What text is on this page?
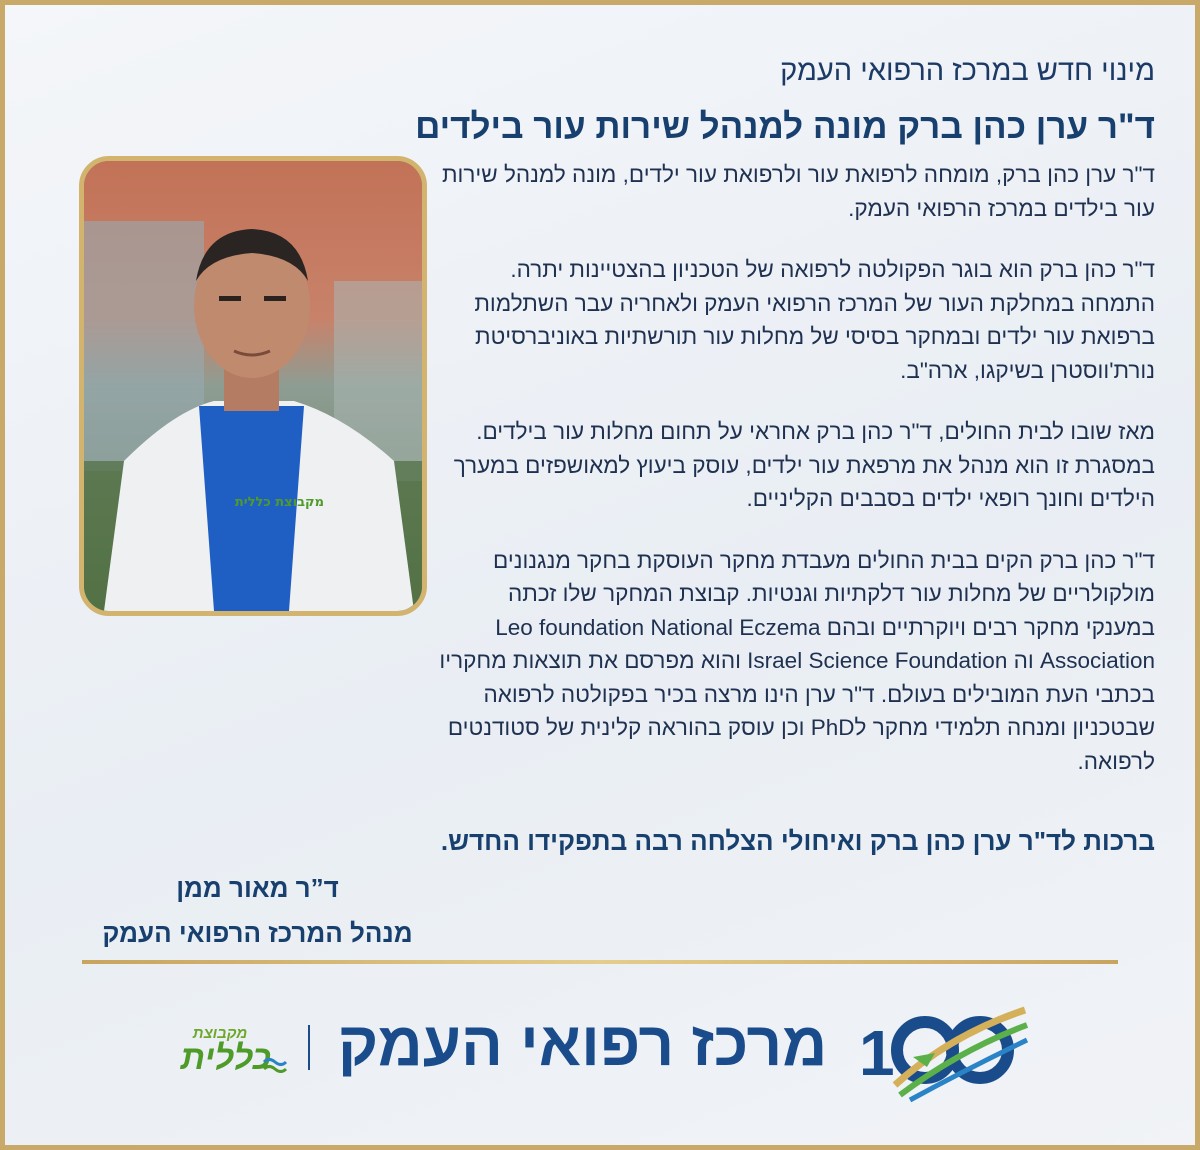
מינוי חדש במרכז הרפואי העמק
ד"ר ערן כהן ברק מונה למנהל שירות עור בילדים
מקבוצת כללית

ד"ר ערן כהן ברק, מומחה לרפואת עור ולרפואת עור ילדים, מונה למנהל שירות עור בילדים במרכז הרפואי העמק.

ד"ר כהן ברק הוא בוגר הפקולטה לרפואה של הטכניון בהצטיינות יתרה. התמחה במחלקת העור של המרכז הרפואי העמק ולאחריה עבר השתלמות ברפואת עור ילדים ובמחקר בסיסי של מחלות עור תורשתיות באוניברסיטת נורת'ווסטרן בשיקגו, ארה"ב.

מאז שובו לבית החולים, ד"ר כהן ברק אחראי על תחום מחלות עור בילדים. במסגרת זו הוא מנהל את מרפאת עור ילדים, עוסק ביעוץ למאושפזים במערך הילדים וחונך רופאי ילדים בסבבים הקליניים.

ד"ר כהן ברק הקים בבית החולים מעבדת מחקר העוסקת בחקר מנגנונים מולקולריים של מחלות עור דלקתיות וגנטיות. קבוצת המחקר שלו זכתה במענקי מחקר רבים ויוקרתיים ובהם Leo foundation National Eczema Association וה Israel Science Foundation והוא מפרסם את תוצאות מחקריו בכתבי העת המובילים בעולם. ד"ר ערן הינו מרצה בכיר בפקולטה לרפואה שבטכניון ומנחה תלמידי מחקר לPhD וכן עוסק בהוראה קלינית של סטודנטים לרפואה.

ברכות לד"ר ערן כהן ברק ואיחולי הצלחה רבה בתפקידו החדש.
ד”ר מאור ממן
מנהל המרכז הרפואי העמק
מקבוצת
כללית	מרכז רפואי העמק 1
